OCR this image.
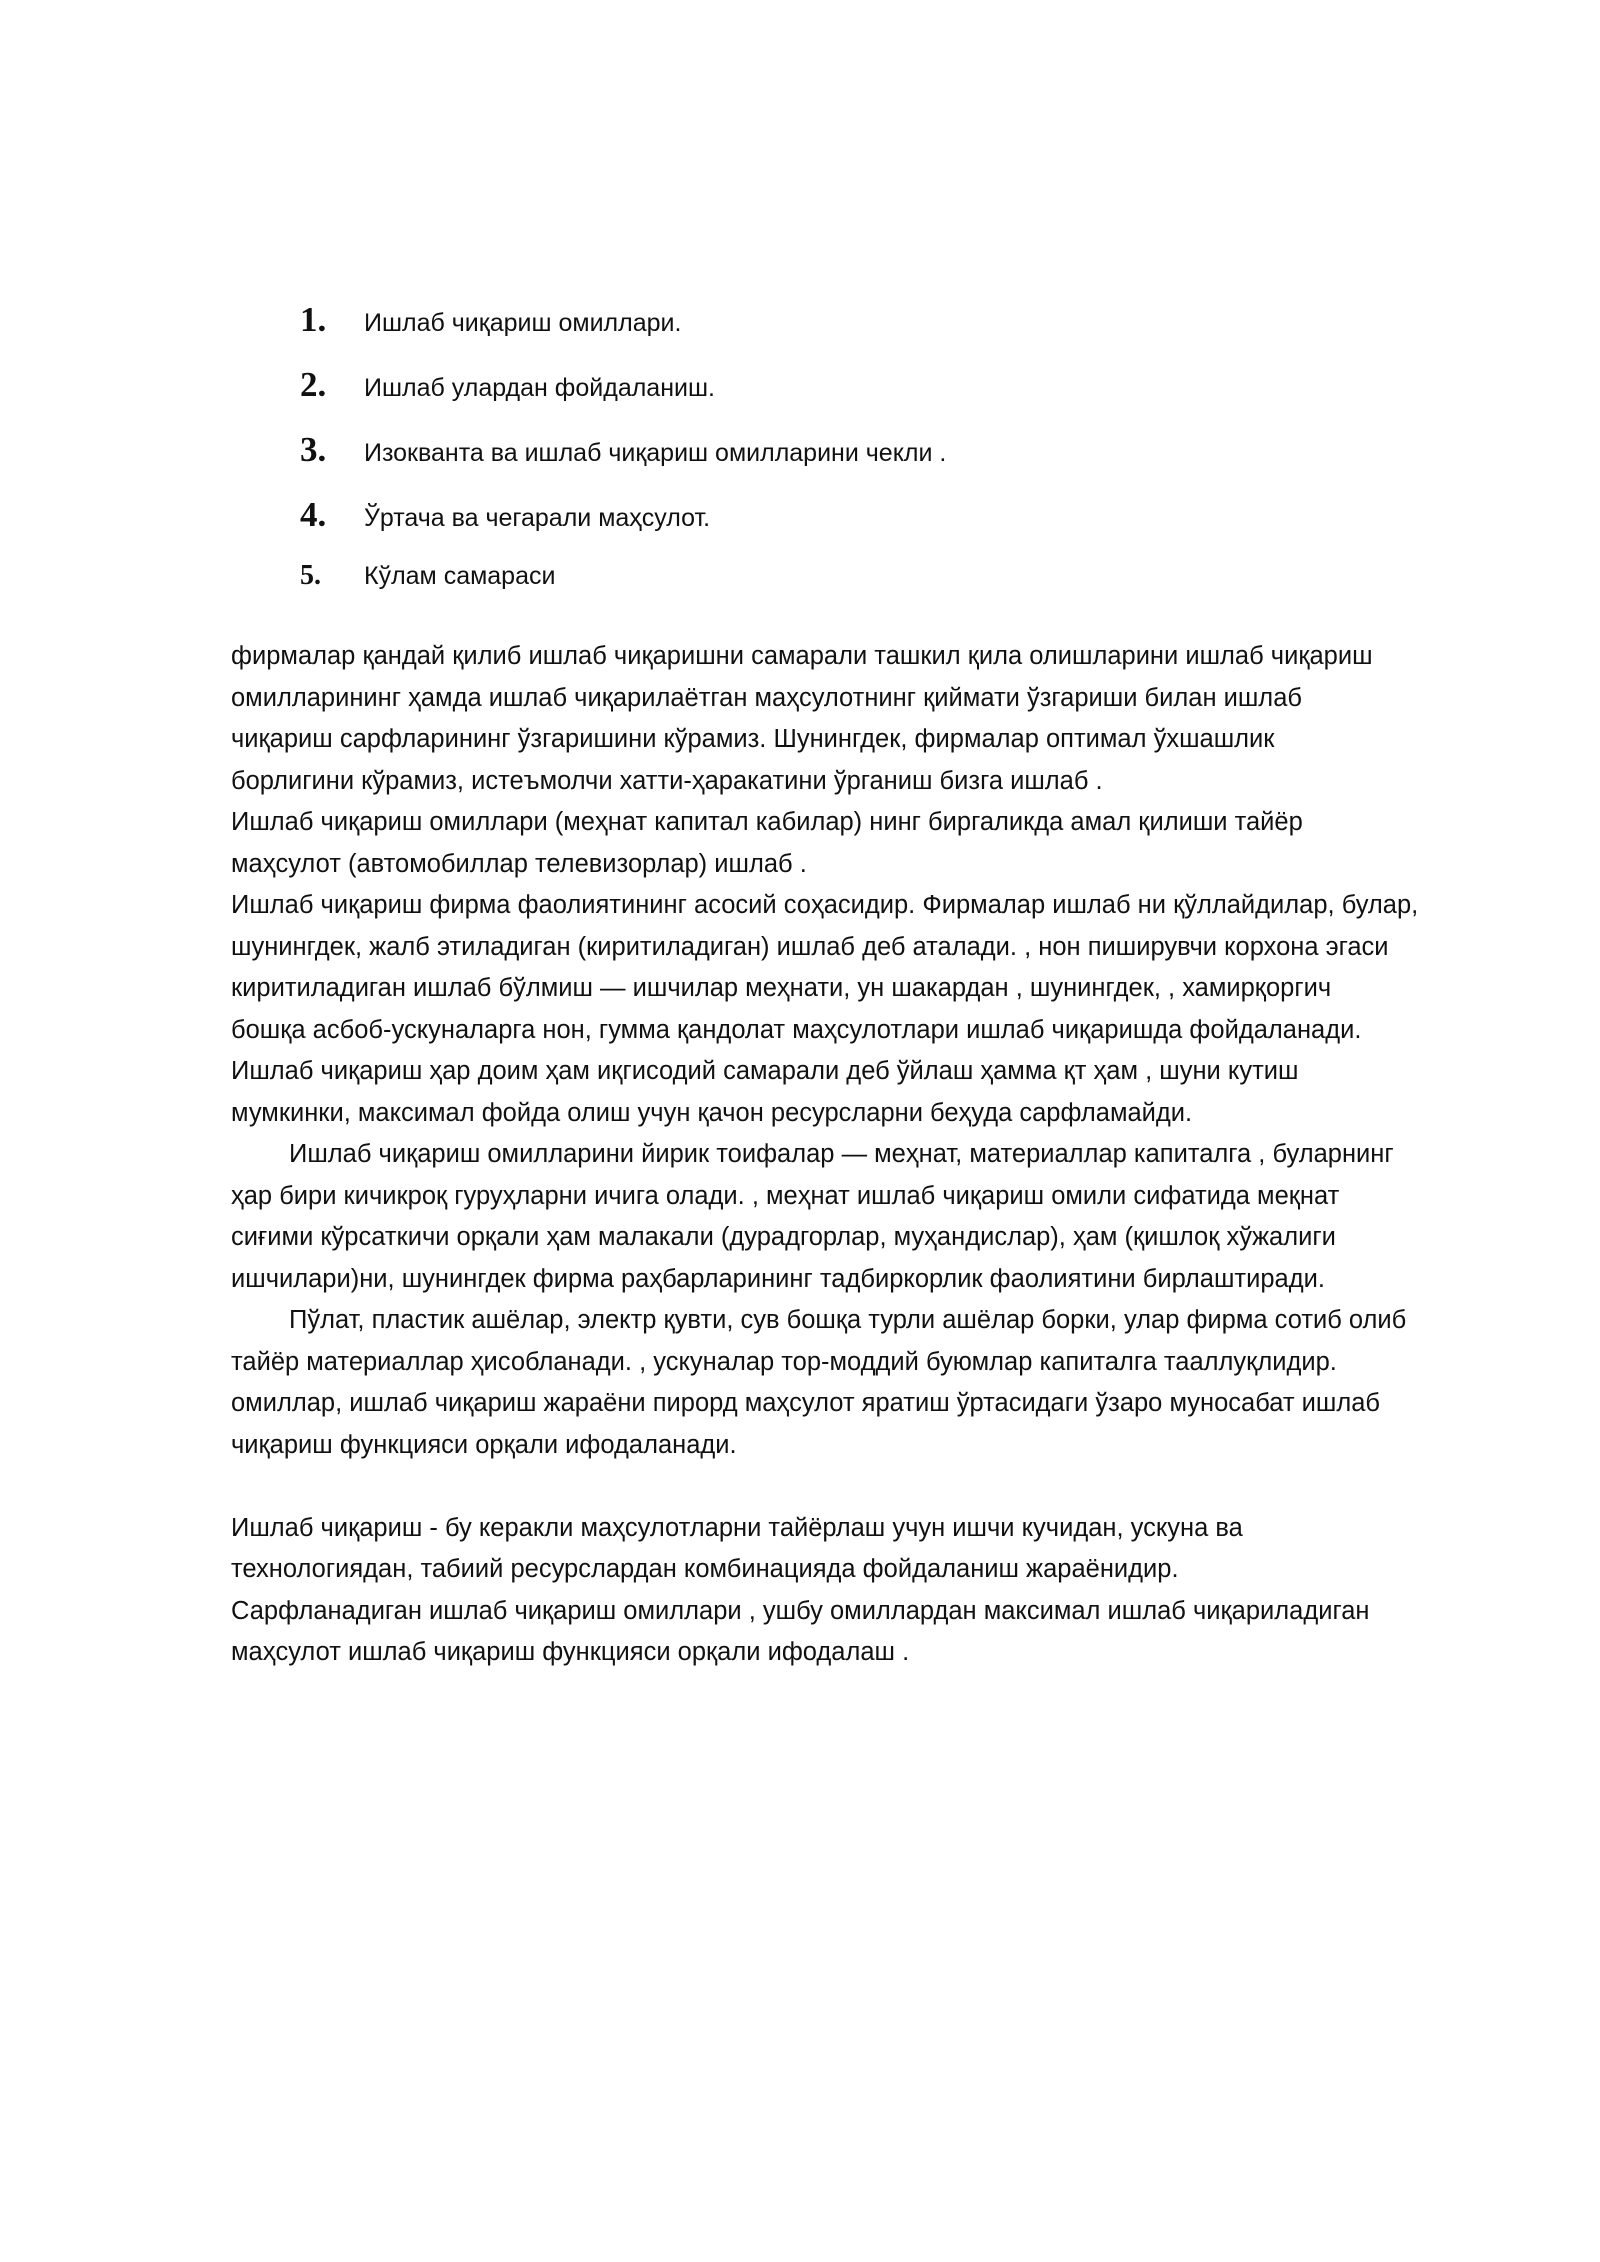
1.	Ишлаб чиқариш омиллари.
2.	Ишлаб улардан фойдаланиш.
3.	Изокванта ва ишлаб чиқариш омилларини чекли .
4.	Ўртача ва чегарали маҳсулот.
5.	Кўлам самараси

фирмалар қандай қилиб ишлаб чиқаришни самарали ташкил қила олишларини ишлаб чиқариш
омилларининг ҳамда ишлаб чиқарилаётган маҳсулотнинг қиймати ўзгариши билан ишлаб
чиқариш сарфларининг ўзгаришини кўрамиз. Шунингдек, фирмалар оптимал ўхшашлик
борлигини кўрамиз, истеъмолчи хатти-ҳаракатини ўрганиш бизга ишлаб .

Ишлаб чиқариш омиллари (меҳнат капитал кабилар) нинг биргаликда амал қилиши тайёр
маҳсулот (автомобиллар телевизорлар) ишлаб .

Ишлаб чиқариш фирма фаолиятининг асосий соҳасидир. Фирмалар ишлаб ни қўллайдилар, булар,
шунингдек, жалб этиладиган (киритиладиган) ишлаб деб аталади. , нон пиширувчи корхона эгаси
киритиладиган ишлаб бўлмиш — ишчилар меҳнати, ун шакардан , шунингдек, , хамирқоргич
бошқа асбоб-ускуналарга нон, гумма қандолат маҳсулотлари ишлаб чиқаришда фойдаланади.
Ишлаб чиқариш ҳар доим ҳам иқгисодий самарали деб ўйлаш ҳамма қт ҳам , шуни кутиш
мумкинки, максимал фойда олиш учун қачон ресурсларни беҳуда сарфламайди.

Ишлаб чиқариш омилларини йирик тоифалар — меҳнат, материаллар капиталга , буларнинг
ҳар бири кичикроқ гуруҳларни ичига олади. , меҳнат ишлаб чиқариш омили сифатида меқнат
сиғими кўрсаткичи орқали ҳам малакали (дурадгорлар, муҳандислар), ҳам (қишлоқ хўжалиги
ишчилари)ни, шунингдек фирма раҳбарларининг тадбиркорлик фаолиятини бирлаштиради.

Пўлат, пластик ашёлар, электр қувти, сув бошқа турли ашёлар борки, улар фирма сотиб олиб
тайёр материаллар ҳисобланади. , ускуналар тор-моддий буюмлар капиталга тааллуқлидир.
омиллар, ишлаб чиқариш жараёни пирорд маҳсулот яратиш ўртасидаги ўзаро муносабат ишлаб
чиқариш функцияси орқали ифодаланади.

Ишлаб чиқариш - бу керакли маҳсулотларни тайёрлаш учун ишчи кучидан, ускуна ва
технологиядан, табиий ресурслардан комбинацияда фойдаланиш жараёнидир.

Сарфланадиган ишлаб чиқариш омиллари , ушбу омиллардан максимал ишлаб чиқариладиган
маҳсулот ишлаб чиқариш функцияси орқали ифодалаш .
